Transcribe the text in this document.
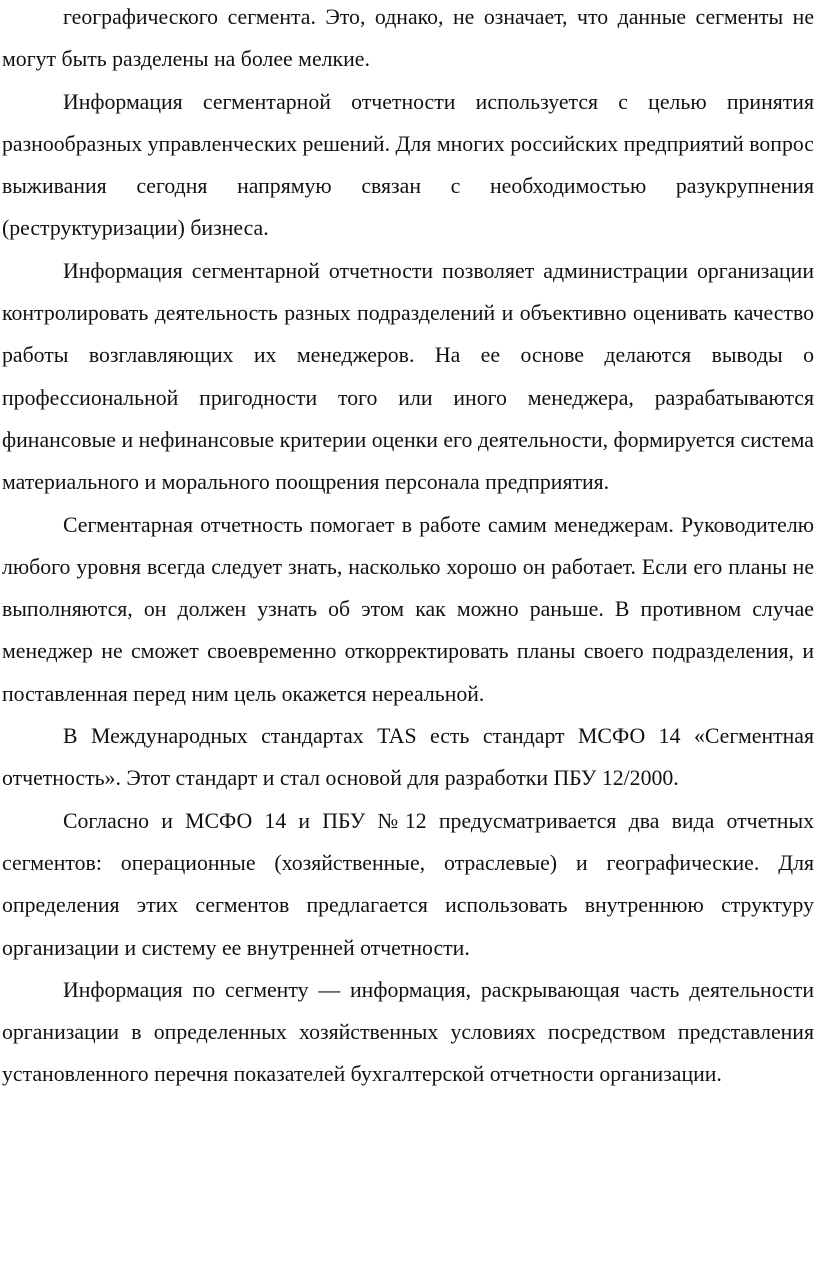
географического сегмента. Это, однако, не означает, что данные сегменты не могут быть разделены на более мелкие.

Информация сегментарной отчетности используется с целью принятия разнообразных управленческих решений. Для многих российских предприятий вопрос выживания сегодня напрямую связан с необходимостью разукрупнения (реструктуризации) бизнеса.

Информация сегментарной отчетности позволяет администрации организации контролировать деятельность разных подразделений и объективно оценивать качество работы возглавляющих их менеджеров. На ее основе делаются выводы о профессиональной пригодности того или иного менеджера, разрабатываются финансовые и нефинансовые критерии оценки его деятельности, формируется система материального и морального поощрения персонала предприятия.

Сегментарная отчетность помогает в работе самим менеджерам. Руководителю любого уровня всегда следует знать, насколько хорошо он работает. Если его планы не выполняются, он должен узнать об этом как можно раньше. В противном случае менеджер не сможет своевременно откорректировать планы своего подразделения, и поставленная перед ним цель окажется нереальной.

В Международных стандартах TAS есть стандарт МСФО 14 «Сегментная отчетность». Этот стандарт и стал основой для разработки ПБУ 12/2000.

Согласно и МСФО 14 и ПБУ №12 предусматривается два вида отчетных сегментов: операционные (хозяйственные, отраслевые) и географические. Для определения этих сегментов предлагается использовать внутреннюю структуру организации и систему ее внутренней отчетности.

Информация по сегменту — информация, раскрывающая часть деятельности организации в определенных хозяйственных условиях посредством представления установленного перечня показателей бухгалтерской отчетности организации.
